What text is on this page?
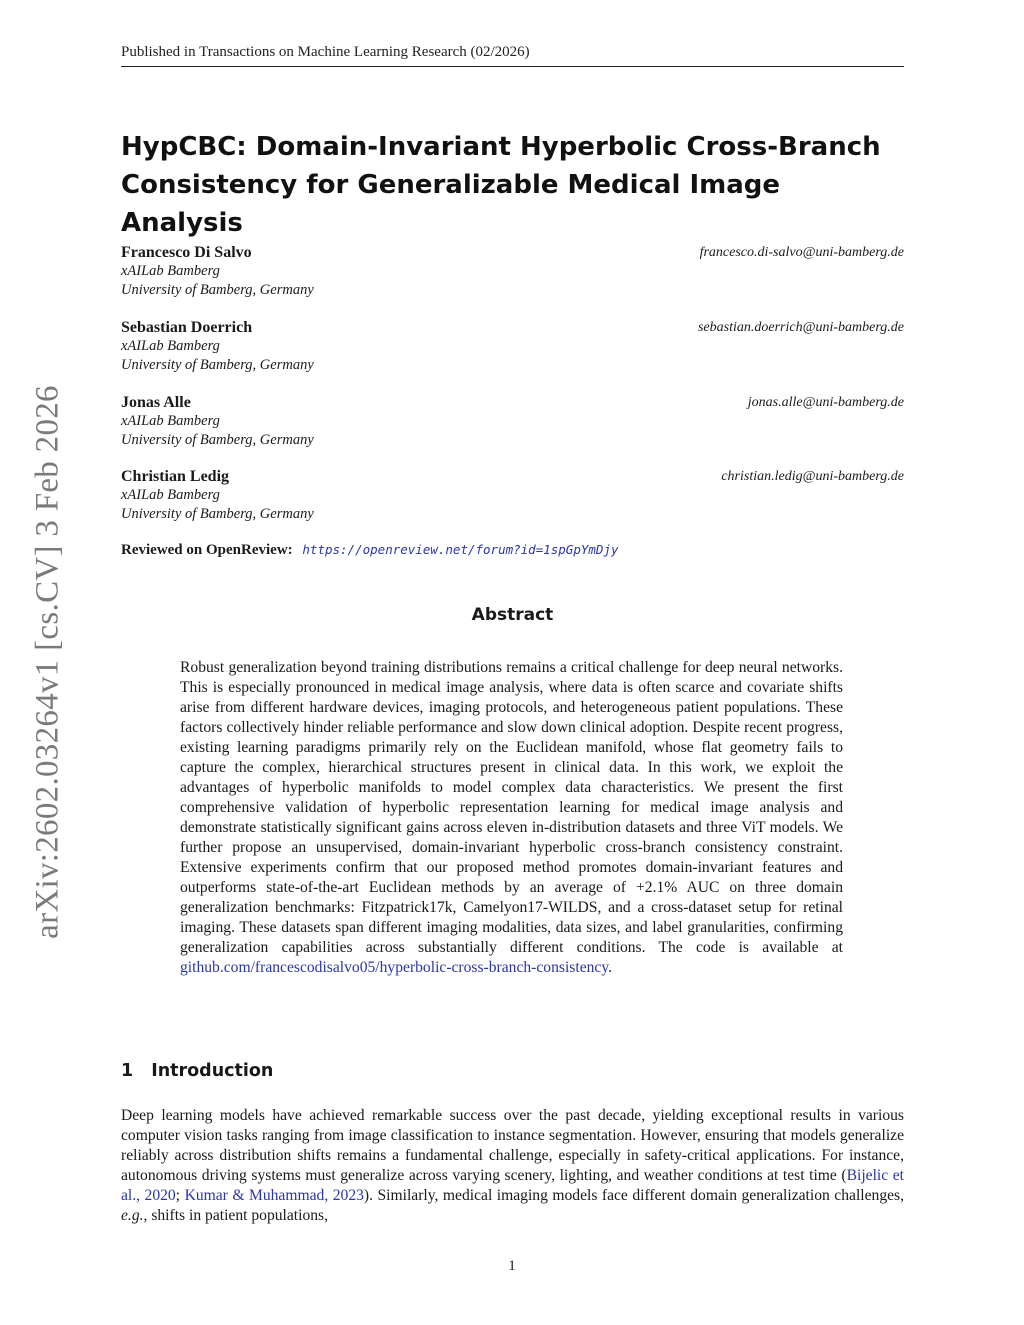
arXiv:2602.03264v1 [cs.CV] 3 Feb 2026
Published in Transactions on Machine Learning Research (02/2026)
HypCBC: Domain-Invariant Hyperbolic Cross-Branch Consistency for Generalizable Medical Image Analysis
Francesco Di Salvo
xAILab Bamberg
University of Bamberg, Germany
francesco.di-salvo@uni-bamberg.de
Sebastian Doerrich
xAILab Bamberg
University of Bamberg, Germany
sebastian.doerrich@uni-bamberg.de
Jonas Alle
xAILab Bamberg
University of Bamberg, Germany
jonas.alle@uni-bamberg.de
Christian Ledig
xAILab Bamberg
University of Bamberg, Germany
christian.ledig@uni-bamberg.de
Reviewed on OpenReview: https://openreview.net/forum?id=1spGpYmDjy
Abstract

Robust generalization beyond training distributions remains a critical challenge for deep neural networks. This is especially pronounced in medical image analysis, where data is often scarce and covariate shifts arise from different hardware devices, imaging protocols, and heterogeneous patient populations. These factors collectively hinder reliable performance and slow down clinical adoption. Despite recent progress, existing learning paradigms primarily rely on the Euclidean manifold, whose flat geometry fails to capture the complex, hierarchical structures present in clinical data. In this work, we exploit the advantages of hyperbolic manifolds to model complex data characteristics. We present the first comprehensive validation of hyperbolic representation learning for medical image analysis and demonstrate statistically significant gains across eleven in-distribution datasets and three ViT models. We further propose an unsupervised, domain-invariant hyperbolic cross-branch consistency constraint. Extensive experiments confirm that our proposed method promotes domain-invariant features and outperforms state-of-the-art Euclidean methods by an average of +2.1% AUC on three domain generalization benchmarks: Fitzpatrick17k, Camelyon17-WILDS, and a cross-dataset setup for retinal imaging. These datasets span different imaging modalities, data sizes, and label granularities, confirming generalization capabilities across substantially different conditions. The code is available at github.com/francescodisalvo05/hyperbolic-cross-branch-consistency.

1 Introduction

Deep learning models have achieved remarkable success over the past decade, yielding exceptional results in various computer vision tasks ranging from image classification to instance segmentation. However, ensuring that models generalize reliably across distribution shifts remains a fundamental challenge, especially in safety-critical applications. For instance, autonomous driving systems must generalize across varying scenery, lighting, and weather conditions at test time (Bijelic et al., 2020; Kumar & Muhammad, 2023). Similarly, medical imaging models face different domain generalization challenges, e.g., shifts in patient populations,

1
